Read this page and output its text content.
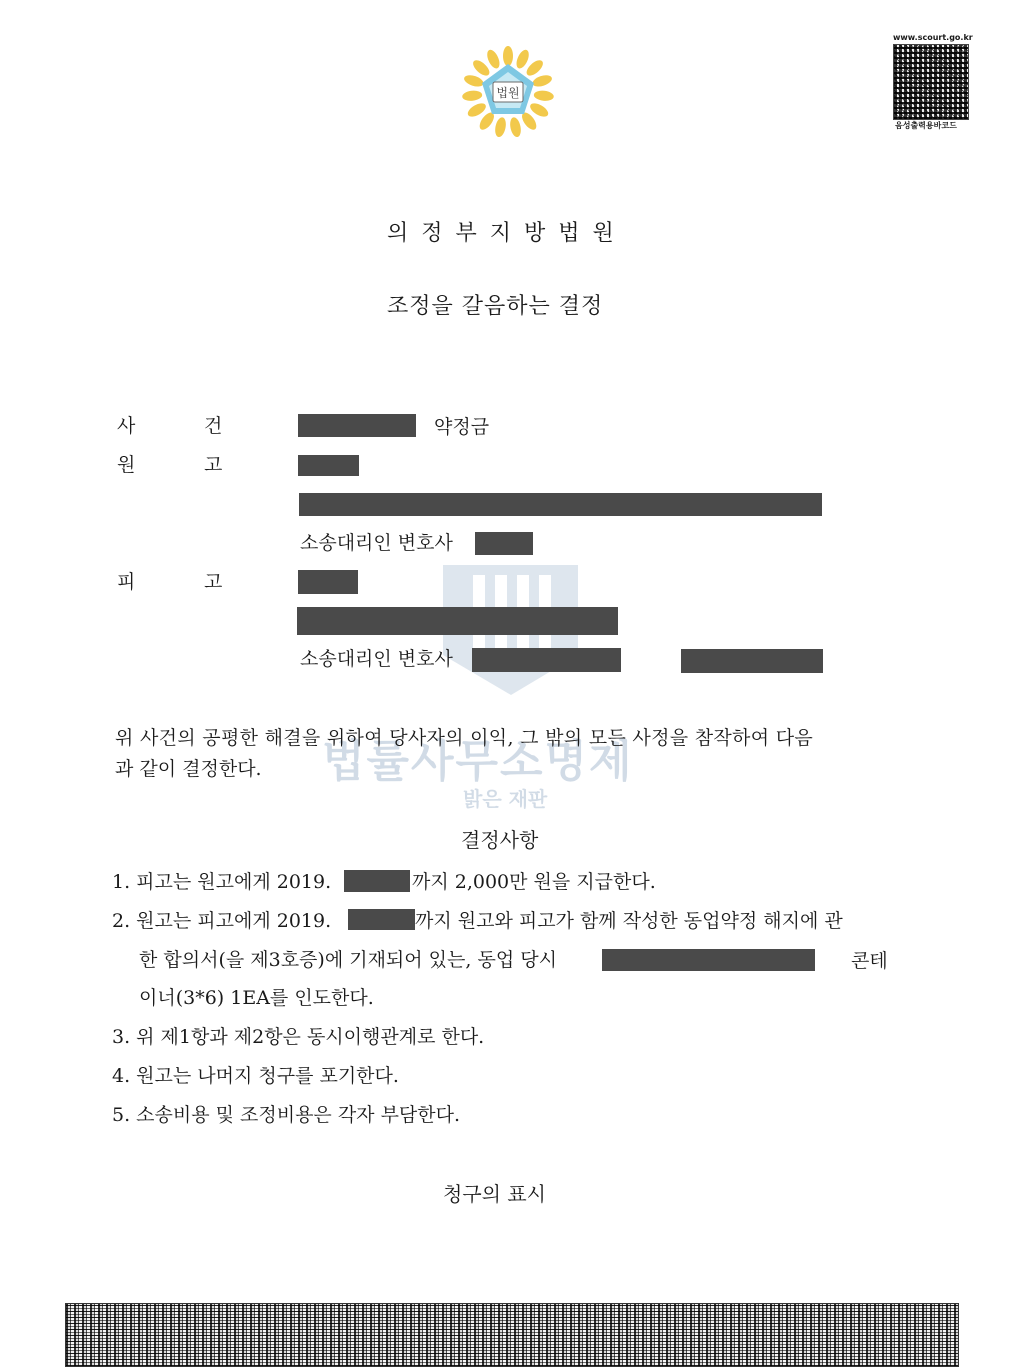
www.scourt.go.kr
음성출력용바코드
법원
법률사무소명제
밝은 재판
의 정 부 지 방 법 원
조정을 갈음하는 결정
사	건	약정금
원	고
소송대리인 변호사
피	고
소송대리인 변호사
위 사건의 공평한 해결을 위하여 당사자의 이익, 그 밖의 모든 사정을 참작하여 다음
과 같이 결정한다.
결정사항
1. 피고는 원고에게 2019.	까지 2,000만 원을 지급한다.
2. 원고는 피고에게 2019.	까지 원고와 피고가 함께 작성한 동업약정 해지에 관
한 합의서(을 제3호증)에 기재되어 있는, 동업 당시	콘테
이너(3*6) 1EA를 인도한다.
3. 위 제1항과 제2항은 동시이행관계로 한다.
4. 원고는 나머지 청구를 포기한다.
5. 소송비용 및 조정비용은 각자 부담한다.
청구의 표시
